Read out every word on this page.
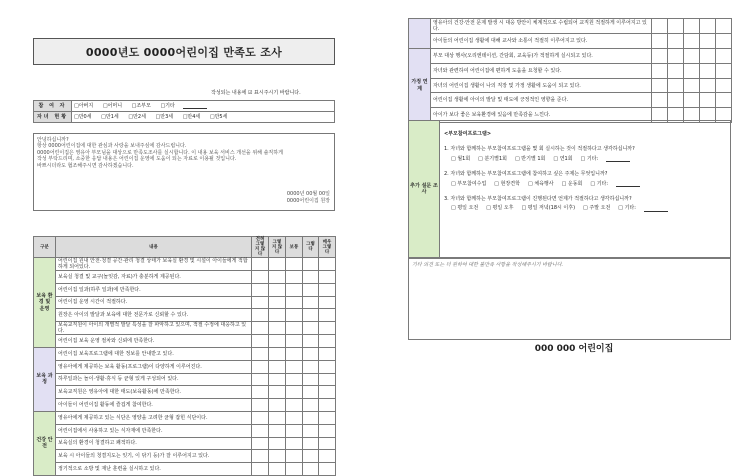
0000년도 0000어린이집 만족도 조사
작성되는 내용에 ☑ 표시주시기 바랍니다.
참 여 자	□아버지 □어머니 □조부모 □기타
자녀 현황	□만0세 □만1세 □만2세 □만3세 □만4세 □만5세
안녕하십니까?
항상 0000어린이집에 대한 관심과 사랑을 보내주심에 감사드립니다.
0000어린이집은 영유아 부모님을 대상으로 만족도조사를 실시합니다. 이 내용 보육 서비스 개선을 위해 솔직하게
작성 부탁드리며, 소중한 응답 내용은 어린이집 운영에 도움이 되는 자료로 이용될 것입니다.
바쁘시더라도 협조해주시면 감사하겠습니다.
0000년 00월 00일
0000어린이집 원장
구분	내용	전혀 그렇지 않다	그렇지 않다	보통	그렇다	매우 그렇다
보육 환경 및 운영	어린이집 원내 안전·청결 공간·관리 청결 상태가 보육실 환경 및 시설이 아이들에게 적합하게 되어있다.					
	보육실 청결 및 교구(놀잇감, 자료)가 충분하게 제공된다.					
	어린이집 일과(하루 일과)에 만족한다.					
	어린이집 운영 시간이 적절하다.					
	원장은 아이의 발달과 보육에 대한 전문가로 신뢰할 수 있다.					
	보육교직원이 아이의 개별적 발달 특성을 잘 파악하고 있으며, 적절 수정에 대응하고 있다.					
	어린이집 보육 운영 절차와 신뢰에 만족한다.					
보육 과정	어린이집 보육프로그램에 대한 정보를 안내받고 있다.					
	영유아에게 제공하는 보육 활동(프로그램)이 다양하게 이루어진다.					
	하루일과는 놀이·생활·휴식 등 균형 있게 구성되어 있다.					
	보육교직원은 영유아에 대한 태도(보육활동)에 만족한다.					
	아이들이 어린이집 활동에 즐겁게 참여한다.					
건강 안전	영유아에게 제공하고 있는 식단은 영양을 고려한 균형 잡힌 식단이다.					
	어린이집에서 사용하고 있는 식자재에 만족한다.					
	보육실의 환경이 청결하고 쾌적하다.					
	보육 시 아이들의 청결지도는 잇기, 이 닦기 등)가 잘 이루어지고 있다.					
	정기적으로 소방 및 재난 훈련을 실시하고 있다.					
	영유아의 건강·안전 문제 발생 시 대응 방안이 체계적으로 수립되어 교직원 적절하게 이루어지고 있다.					
	아이들의 어린이집 생활에 대해 교사와 소통이 적절히 이루어지고 있다.					
가정 연계	부모 대상 행사(오리엔테이션, 간담회, 교육등)가 적절하게 실시되고 있다.					
	자녀와 관련하여 어린이집에 편하게 도움을 요청할 수 있다.					
	자녀의 어린이집 생활이 나의 직장 및 가정 생활에 도움이 되고 있다.					
	어린이집 생활에 아이의 발달 및 태도에 긍정적인 영향을 준다.					
	아이가 보다 좋은 보육환경에 있음에 만족감을 느낀다.					
추가 설문 조사
<부모참여프로그램>
1. 자녀와 함께하는 부모참여프로그램을 몇 회 실시하는 것이 적절하다고 생각하십니까?
□ 월1회 □ 분기별1회 □ 반기별 1회 □ 연1회 □ 기타:
2. 자녀와 함께하는 부모참여프로그램에 참여하고 싶은 주제는 무엇입니까?
□ 부모참여수업 □ 현장견학 □ 체육행사 □ 운동회 □ 기타:
3. 자녀와 함께하는 부모참여프로그램이 진행된다면 언제가 적절하다고 생각하십니까?
□ 평일 오전 □ 평일 오후 □ 평일 저녁(18시 이후) □ 주말 오전 □ 기타:
기타 의견 또는 더 원하여 대한 불만족 사항을 작성해주시기 바랍니다.
000 000 어린이집
